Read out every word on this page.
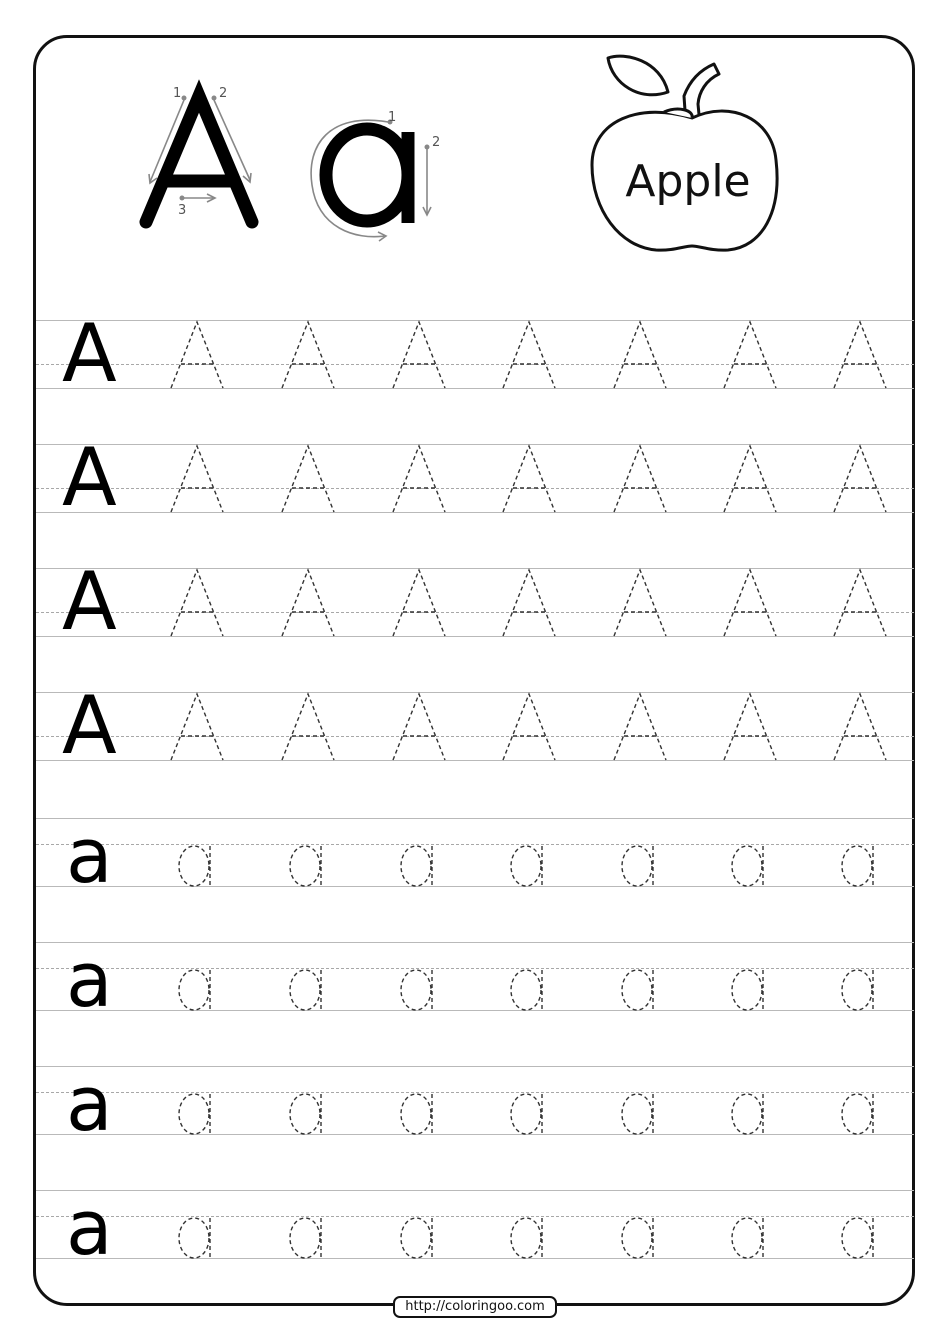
1	2
3
1
2
Apple
A
A
A
A
a
a
a
a
http://coloringoo.com
